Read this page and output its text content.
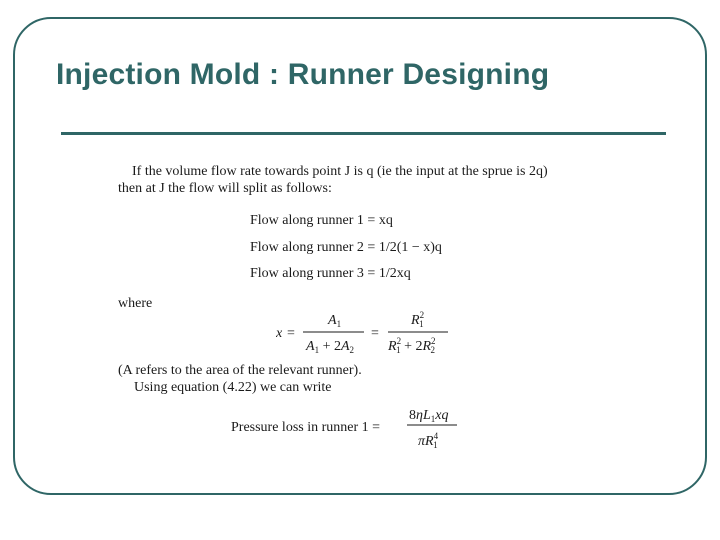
Injection Mold : Runner Designing
If the volume flow rate towards point J is q (ie the input at the sprue is 2q)
then at J the flow will split as follows:
Flow along runner 1 = xq
Flow along runner 2 = 1/2(1 − x)q
Flow along runner 3 = 1/2xq
where
x =
$A_1$
$A_1 + 2A_2$
=
$R^2$ 1
$R^2$ $1 + 2R^2$ 2
(A refers to the area of the relevant runner).
Using equation (4.22) we can write
Pressure loss in runner 1 =
$8\eta L_1xq$
$\pi R^4$ 1
